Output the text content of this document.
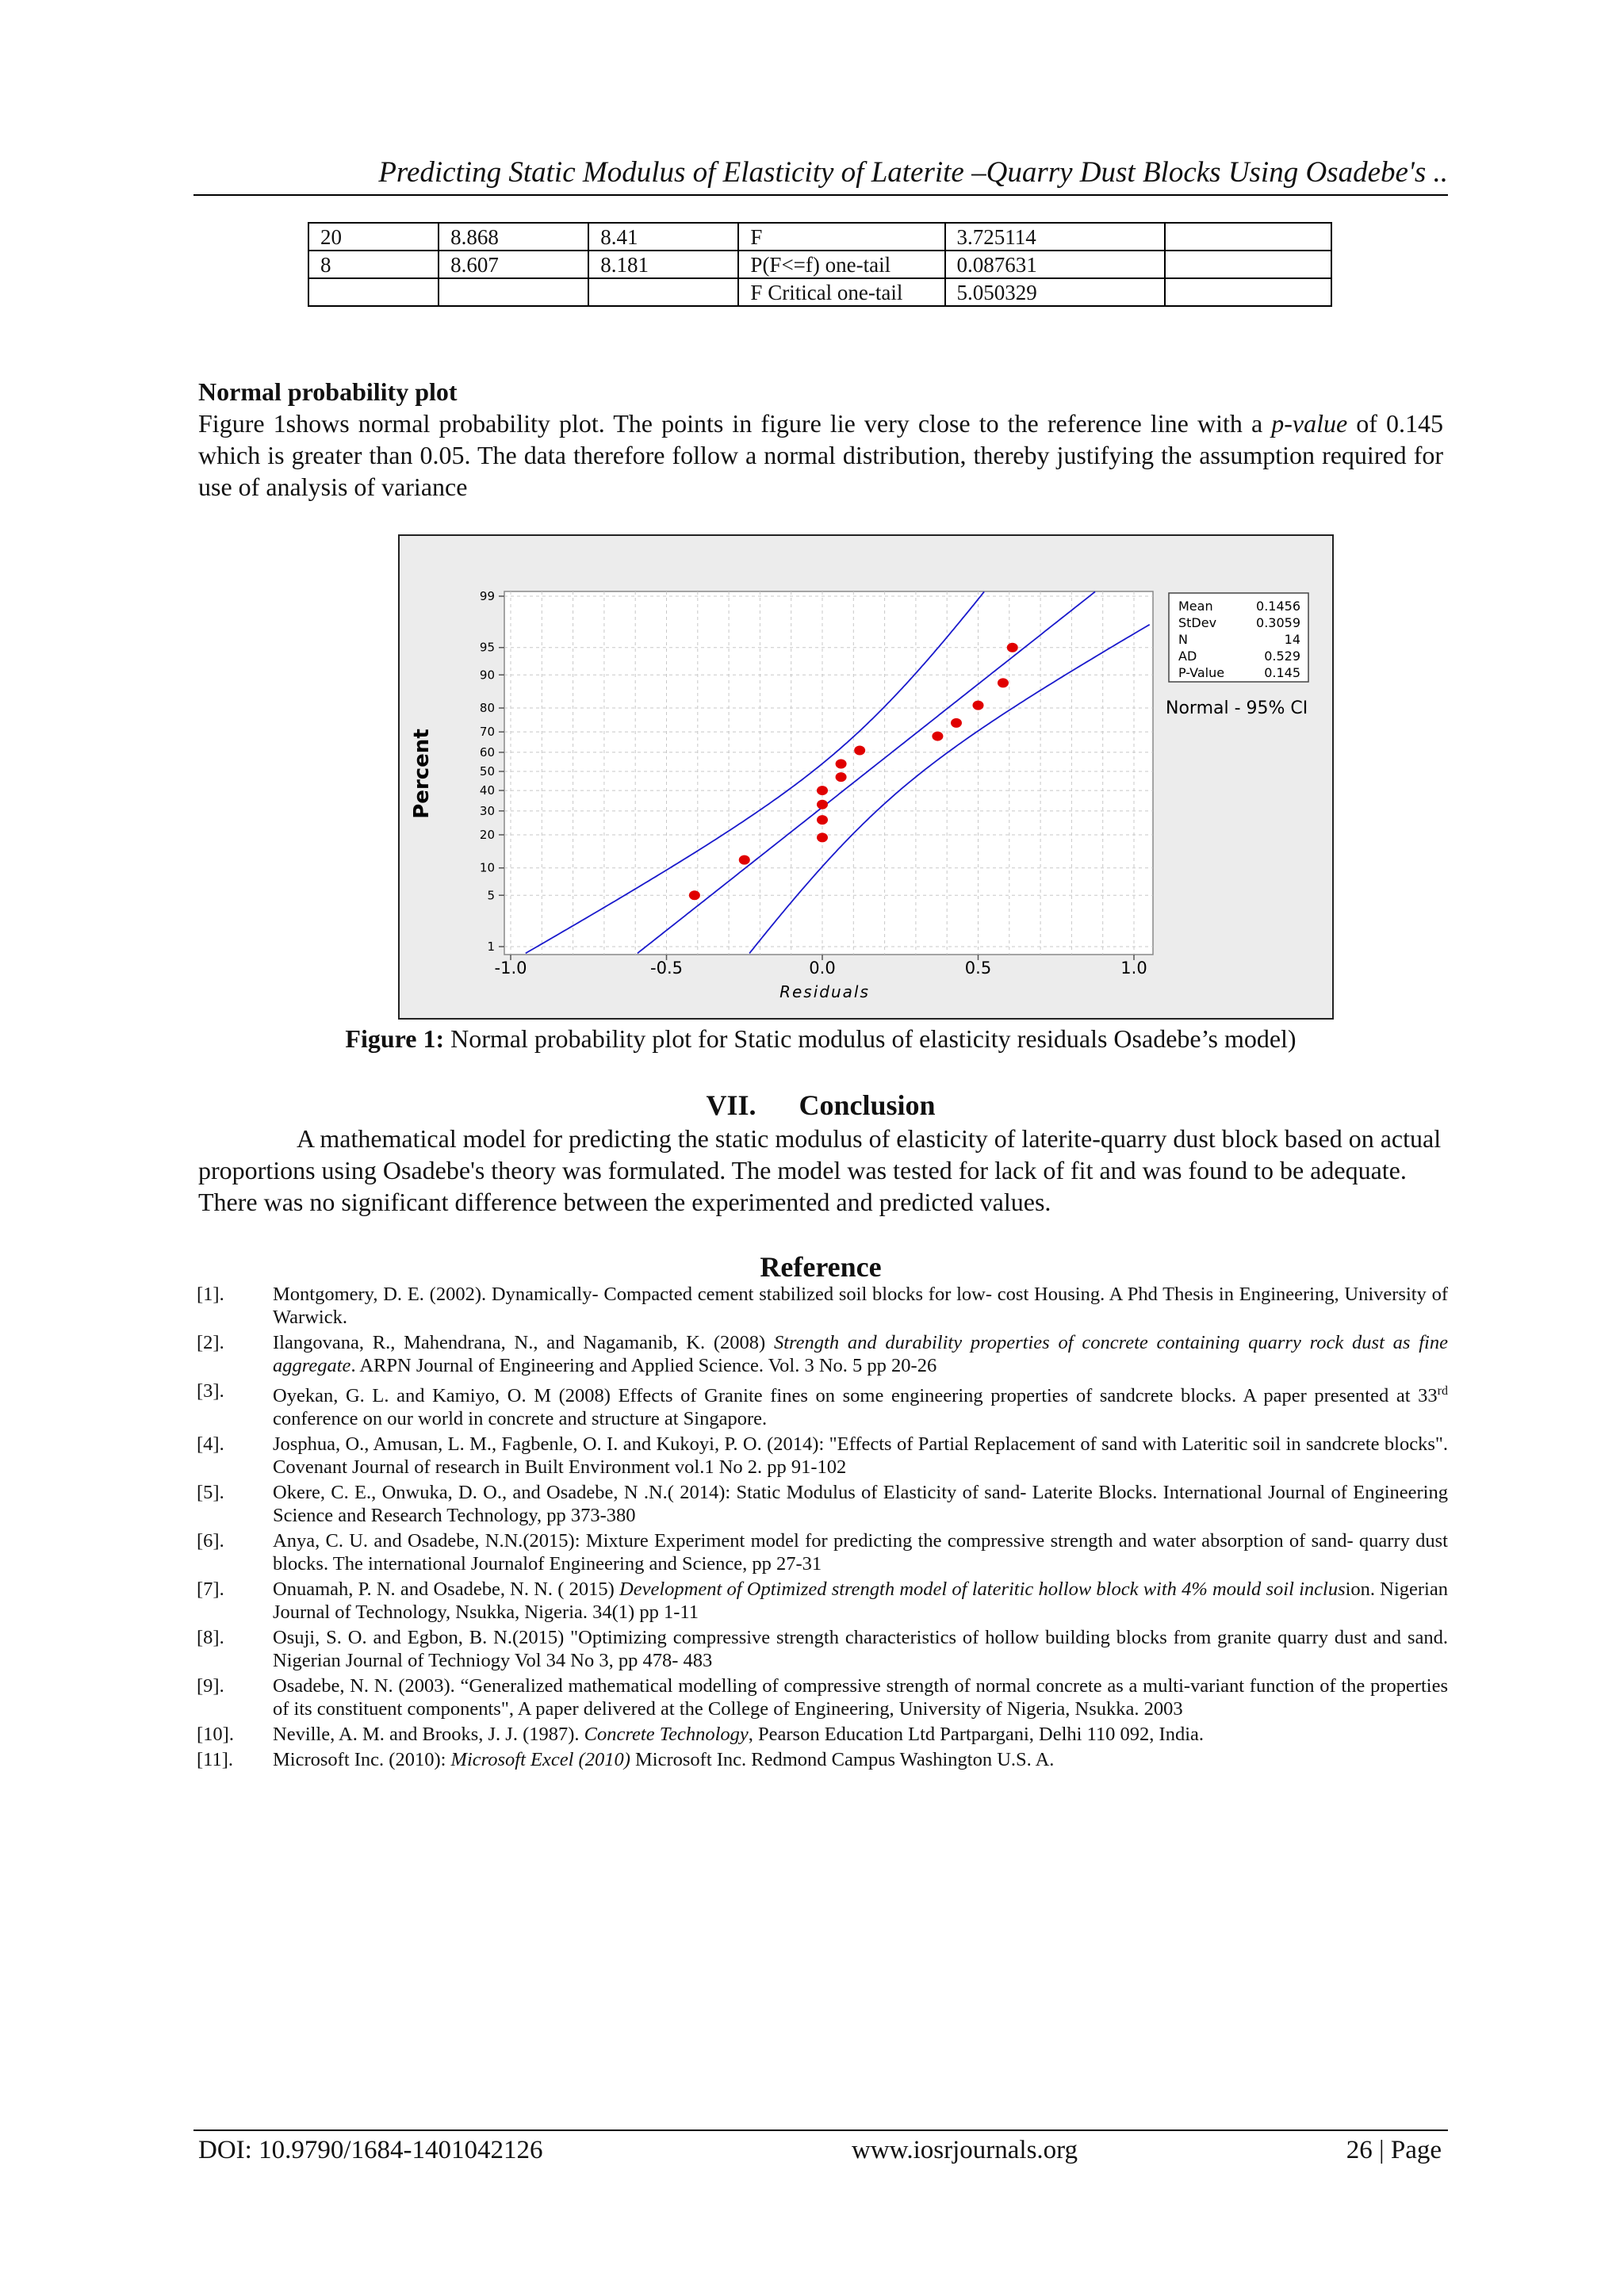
Predicting Static Modulus of Elasticity of Laterite –Quarry Dust Blocks Using Osadebe's ..
20	8.868	8.41	F	3.725114	
8	8.607	8.181	P(F<=f) one-tail	0.087631	
			F Critical one-tail	5.050329	
Normal probability plot
Figure 1shows normal probability plot. The points in figure lie very close to the reference line with a p-value of 0.145 which is greater than 0.05. The data therefore follow a normal distribution, thereby justifying the assumption required for use of analysis of variance
1
5
10
20
30
40
50
60
70
80
90
95
99
-1.0	-0.5	0.0	0.5	1.0
Percent
Residuals
Mean	0.1456
StDev	0.3059
N	14
AD	0.529
P-Value	0.145
Normal - 95% CI
Figure 1: Normal probability plot for Static modulus of elasticity residuals Osadebe’s model)
VII.      Conclusion
A mathematical model for predicting the static modulus of elasticity of laterite-quarry dust block based on actual proportions using Osadebe's theory was formulated. The model was tested for lack of fit and was found to be adequate. There was no significant difference between the experimented and predicted values.
Reference
[1].	Montgomery, D. E. (2002). Dynamically- Compacted cement stabilized soil blocks for low- cost Housing. A Phd Thesis in Engineering, University of Warwick.
[2].	Ilangovana, R., Mahendrana, N., and Nagamanib, K. (2008) Strength and durability properties of concrete containing quarry rock dust as fine aggregate. ARPN Journal of Engineering and Applied Science. Vol. 3 No. 5 pp 20-26
[3].	Oyekan, G. L. and Kamiyo, O. M (2008) Effects of Granite fines on some engineering properties of sandcrete blocks. A paper presented at 33rd conference on our world in concrete and structure at Singapore.
[4].	Josphua, O., Amusan, L. M., Fagbenle, O. I. and Kukoyi, P. O. (2014): "Effects of Partial Replacement of sand with Lateritic soil in sandcrete blocks". Covenant Journal of research in Built Environment vol.1 No 2. pp 91-102
[5].	Okere, C. E., Onwuka, D. O., and Osadebe, N .N.( 2014): Static Modulus of Elasticity of sand- Laterite Blocks. International Journal of Engineering Science and Research Technology, pp 373-380
[6].	Anya, C. U. and Osadebe, N.N.(2015): Mixture Experiment model for predicting the compressive strength and water absorption of sand- quarry dust blocks. The international Journalof Engineering and Science, pp 27-31
[7].	Onuamah, P. N. and Osadebe, N. N. ( 2015) Development of Optimized strength model of lateritic hollow block with 4% mould soil inclusion. Nigerian Journal of Technology, Nsukka, Nigeria. 34(1) pp 1-11
[8].	Osuji, S. O. and Egbon, B. N.(2015) "Optimizing compressive strength characteristics of hollow building blocks from granite quarry dust and sand. Nigerian Journal of Techniogy Vol 34 No 3, pp 478- 483
[9].	Osadebe, N. N. (2003). “Generalized mathematical modelling of compressive strength of normal concrete as a multi-variant function of the properties of its constituent components", A paper delivered at the College of Engineering, University of Nigeria, Nsukka. 2003
[10]. Neville, A. M. and Brooks, J. J. (1987). Concrete Technology, Pearson Education Ltd Partpargani, Delhi 110 092, India.
[11]. Microsoft Inc. (2010): Microsoft Excel (2010) Microsoft Inc. Redmond Campus Washington U.S. A.
DOI: 10.9790/1684-1401042126	www.iosrjournals.org	26 | Page
